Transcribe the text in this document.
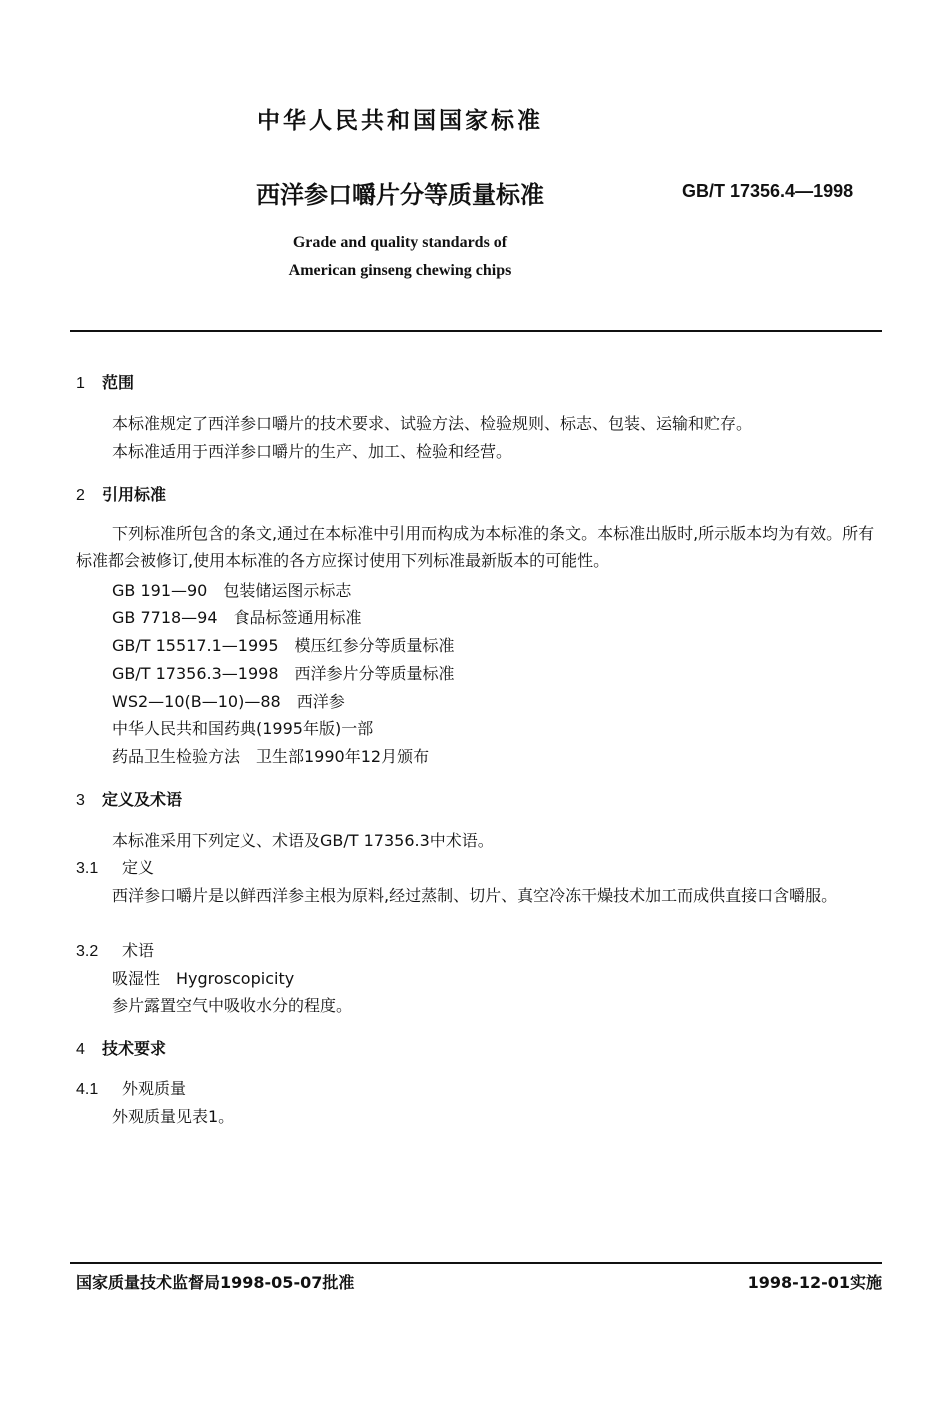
中华人民共和国国家标准
西洋参口嚼片分等质量标准	GB/T 17356.4—1998
Grade and quality standards of
American ginseng chewing chips
1 范围
本标准规定了西洋参口嚼片的技术要求、试验方法、检验规则、标志、包装、运输和贮存。
本标准适用于西洋参口嚼片的生产、加工、检验和经营。
2 引用标准
下列标准所包含的条文,通过在本标准中引用而构成为本标准的条文。本标准出版时,所示版本均为有效。所有标准都会被修订,使用本标准的各方应探讨使用下列标准最新版本的可能性。
GB 191—90　包装储运图示标志
GB 7718—94　食品标签通用标准
GB/T 15517.1—1995　模压红参分等质量标准
GB/T 17356.3—1998　西洋参片分等质量标准
WS2—10(B—10)—88　西洋参
中华人民共和国药典(1995年版)一部
药品卫生检验方法　卫生部1990年12月颁布
3 定义及术语
本标准采用下列定义、术语及GB/T 17356.3中术语。
3.1 定义
西洋参口嚼片是以鲜西洋参主根为原料,经过蒸制、切片、真空冷冻干燥技术加工而成供直接口含嚼服。
3.2 术语
吸湿性　Hygroscopicity
参片露置空气中吸收水分的程度。
4 技术要求
4.1 外观质量
外观质量见表1。
国家质量技术监督局1998-05-07批准	1998-12-01实施
